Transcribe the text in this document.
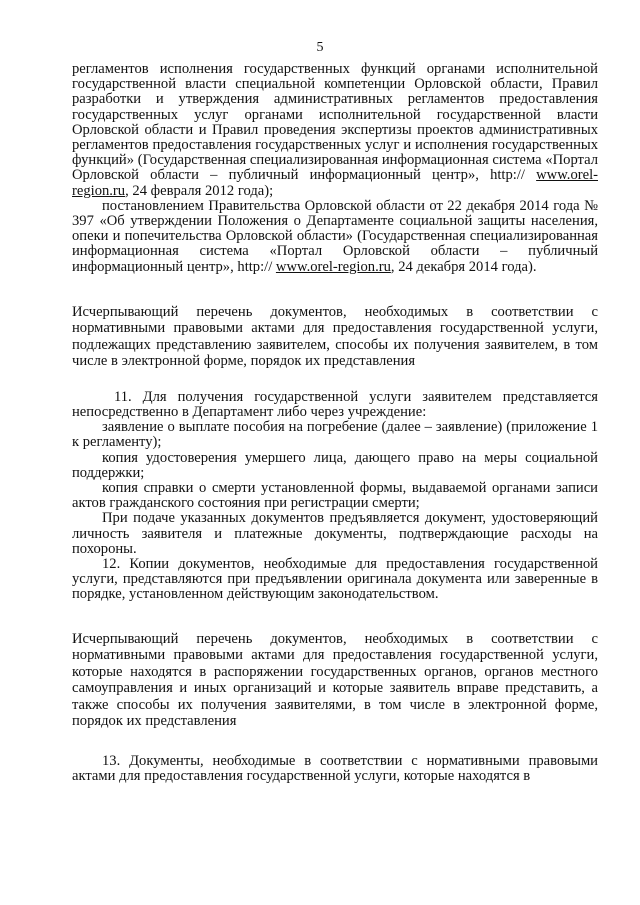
5

регламентов исполнения государственных функций органами исполнительной государственной власти специальной компетенции Орловской области, Правил разработки и утверждения административных регламентов предоставления государственных услуг органами исполнительной государственной власти Орловской области и Правил проведения экспертизы проектов административных регламентов предоставления государственных услуг и исполнения государственных функций» (Государственная специализированная информационная система «Портал Орловской области – публичный информационный центр», http:// www.orel-region.ru, 24 февраля 2012 года);

постановлением Правительства Орловской области от 22 декабря 2014 года № 397 «Об утверждении Положения о Департаменте социальной защиты населения, опеки и попечительства Орловской области» (Государственная специализированная информационная система «Портал Орловской области – публичный информационный центр», http:// www.orel-region.ru, 24 декабря 2014 года).

Исчерпывающий перечень документов, необходимых в соответствии с нормативными правовыми актами для предоставления государственной услуги, подлежащих представлению заявителем, способы их получения заявителем, в том числе в электронной форме, порядок их представления

11. Для получения государственной услуги заявителем представляется непосредственно в Департамент либо через учреждение:

заявление о выплате пособия на погребение (далее – заявление) (приложение 1 к регламенту);

копия удостоверения умершего лица, дающего право на меры социальной поддержки;

копия справки о смерти установленной формы, выдаваемой органами записи актов гражданского состояния при регистрации смерти;

При подаче указанных документов предъявляется документ, удостоверяющий личность заявителя и платежные документы, подтверждающие расходы на похороны.

12. Копии документов, необходимые для предоставления государственной услуги, представляются при предъявлении оригинала документа или заверенные в порядке, установленном действующим законодательством.

Исчерпывающий перечень документов, необходимых в соответствии с нормативными правовыми актами для предоставления государственной услуги, которые находятся в распоряжении государственных органов, органов местного самоуправления и иных организаций и которые заявитель вправе представить, а также способы их получения заявителями, в том числе в электронной форме, порядок их представления

13. Документы, необходимые в соответствии с нормативными правовыми актами для предоставления государственной услуги, которые находятся в
